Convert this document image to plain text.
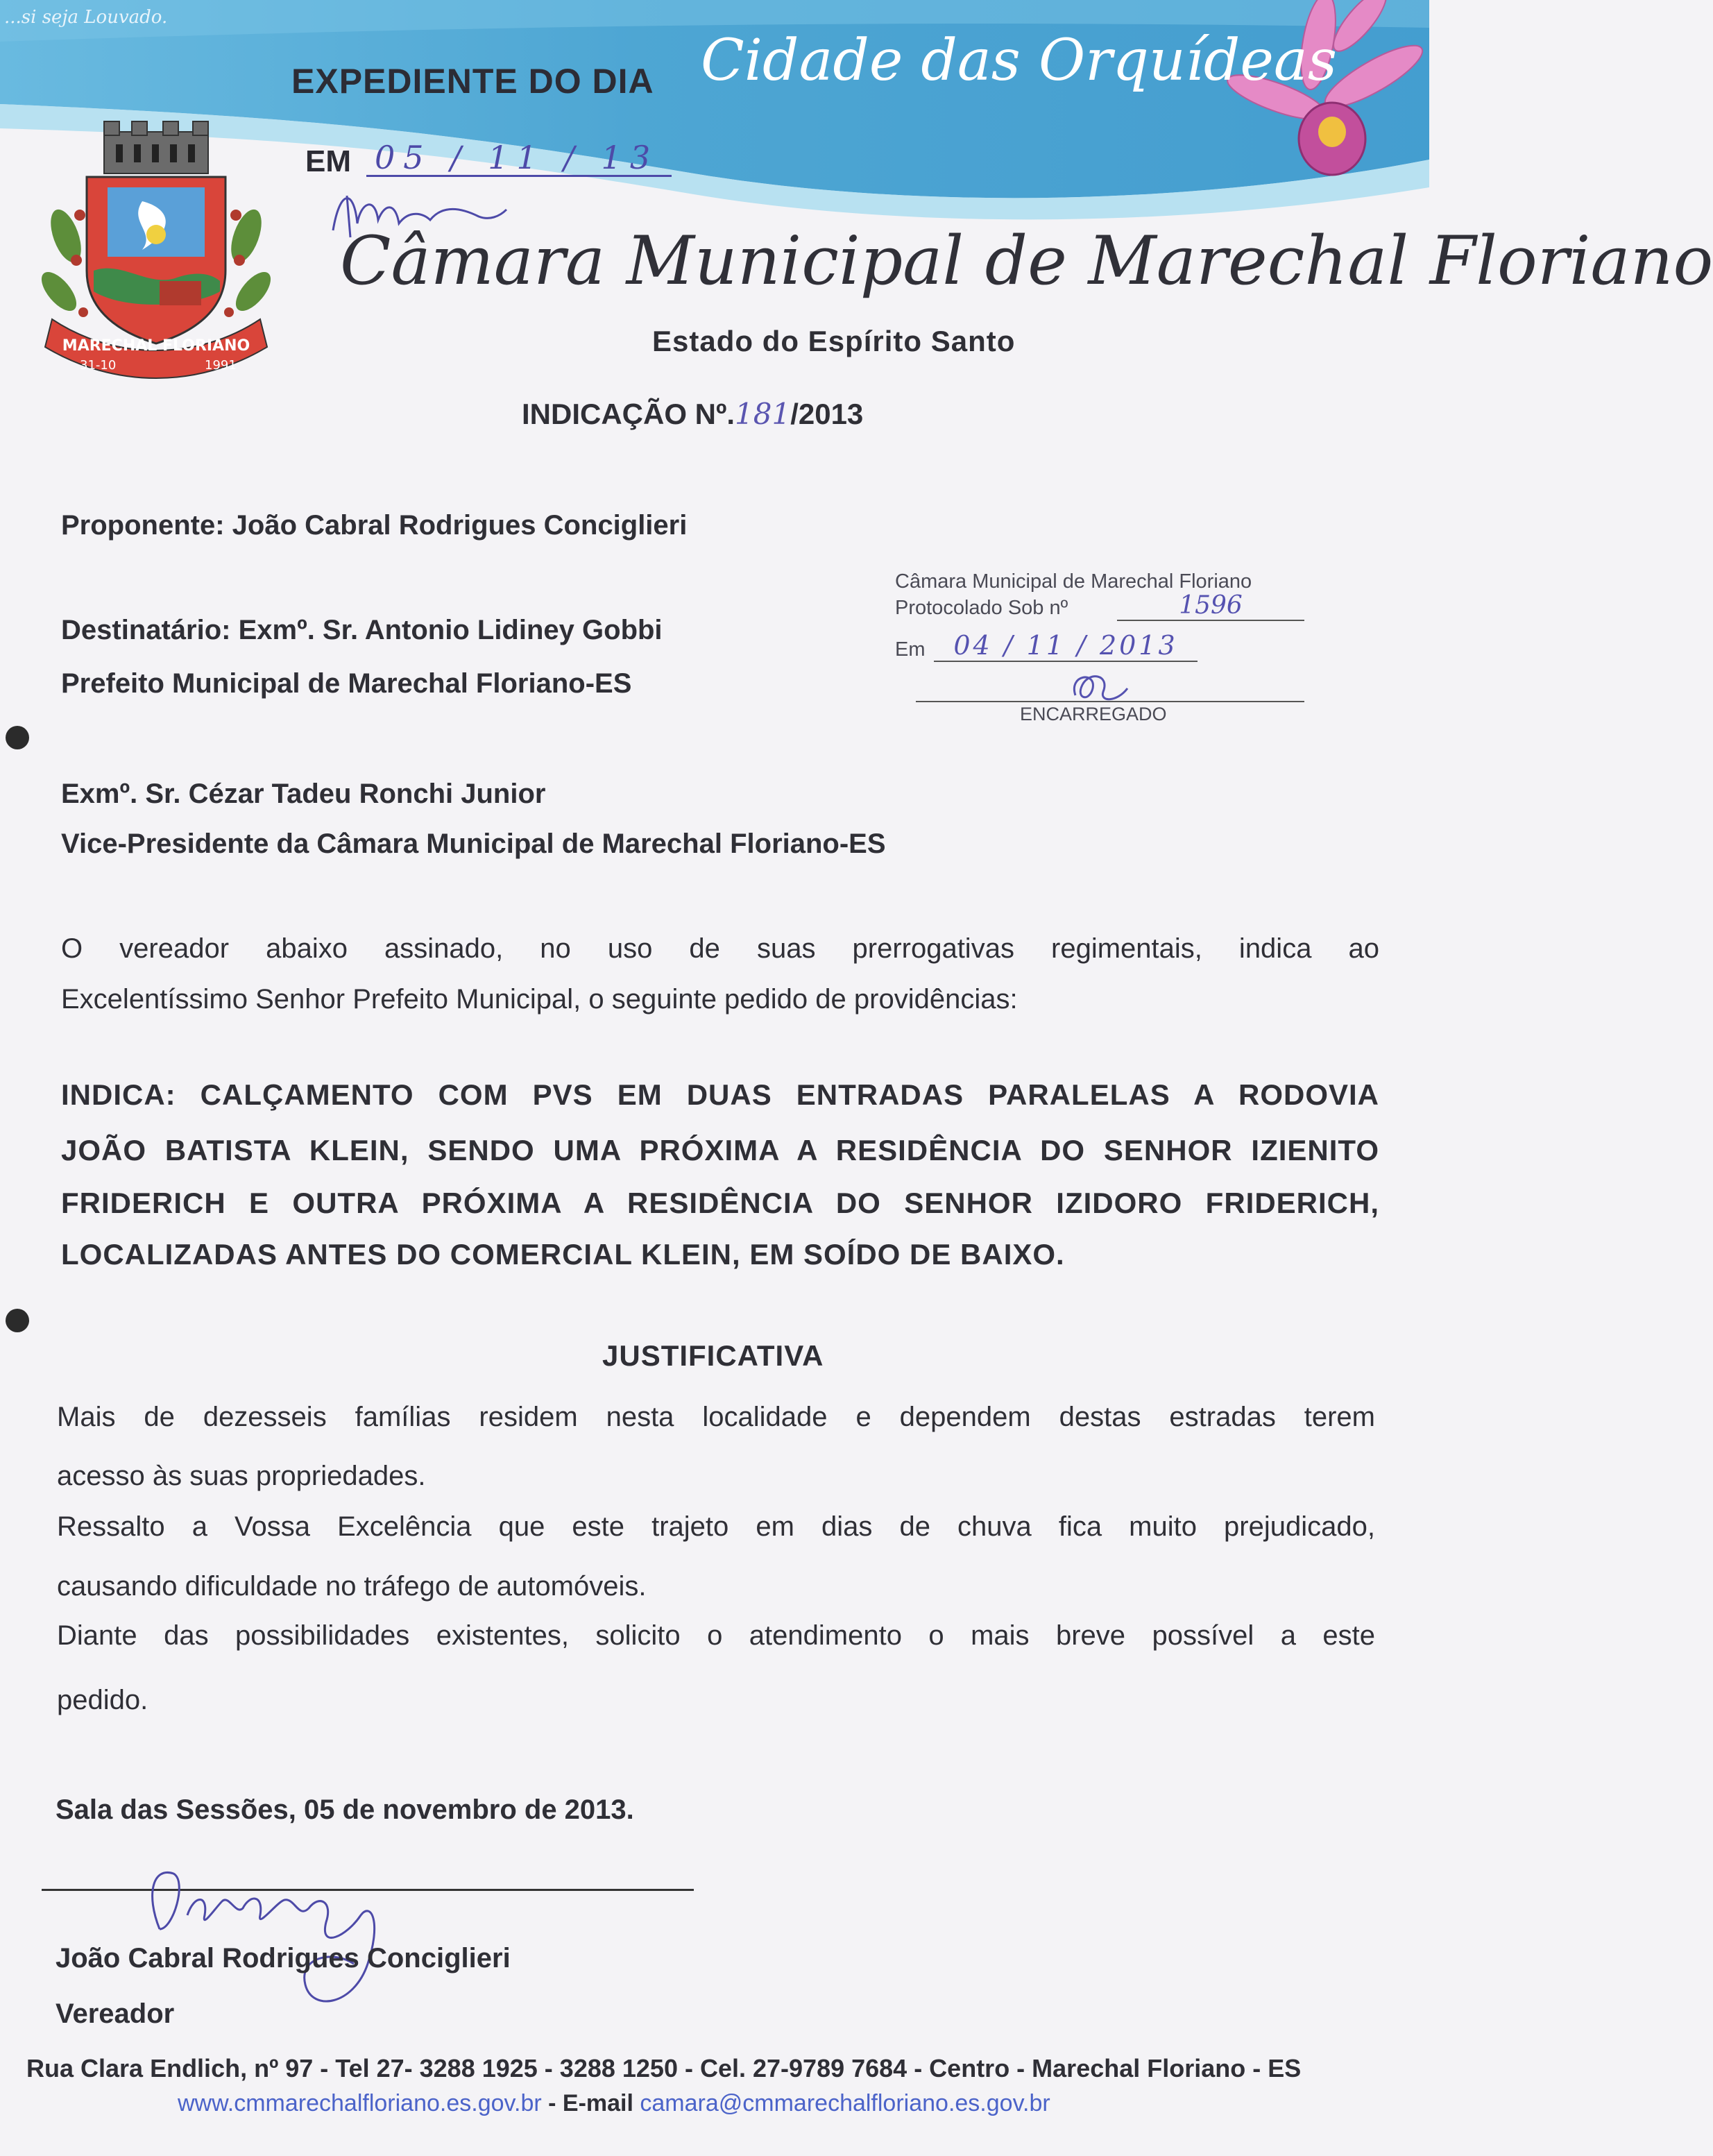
...si seja Louvado.
Cidade das Orquídeas
EXPEDIENTE DO DIA
EM 05 / 11 / 13
MARECHAL FLORIANO
31-10	1991
Câmara Municipal de Marechal Floriano
Estado do Espírito Santo
INDICAÇÃO Nº.181/2013
Proponente: João Cabral Rodrigues Conciglieri
Destinatário: Exmº. Sr. Antonio Lidiney Gobbi
Prefeito Municipal de Marechal Floriano-ES
Exmº. Sr. Cézar Tadeu Ronchi Junior
Vice-Presidente da Câmara Municipal de Marechal Floriano-ES
Câmara Municipal de Marechal Floriano
Protocolado Sob nº	1596
Em	04 / 11 / 2013
ENCARREGADO
O vereador abaixo assinado, no uso de suas prerrogativas regimentais, indica ao
Excelentíssimo Senhor Prefeito Municipal, o seguinte pedido de providências:
INDICA: CALÇAMENTO COM PVS EM DUAS ENTRADAS PARALELAS A RODOVIA
JOÃO BATISTA KLEIN, SENDO UMA PRÓXIMA A RESIDÊNCIA DO SENHOR IZIENITO
FRIDERICH E OUTRA PRÓXIMA A RESIDÊNCIA DO SENHOR IZIDORO FRIDERICH,
LOCALIZADAS ANTES DO COMERCIAL KLEIN, EM SOÍDO DE BAIXO.
JUSTIFICATIVA
Mais de dezesseis famílias residem nesta localidade e dependem destas estradas terem
acesso às suas propriedades.
Ressalto a Vossa Excelência que este trajeto em dias de chuva fica muito prejudicado,
causando dificuldade no tráfego de automóveis.
Diante das possibilidades existentes, solicito o atendimento o mais breve possível a este
pedido.
Sala das Sessões, 05 de novembro de 2013.
João Cabral Rodrigues Conciglieri
Vereador
Rua Clara Endlich, nº 97 - Tel 27- 3288 1925 - 3288 1250 - Cel. 27-9789 7684 - Centro - Marechal Floriano - ES
www.cmmarechalfloriano.es.gov.br - E-mail camara@cmmarechalfloriano.es.gov.br
